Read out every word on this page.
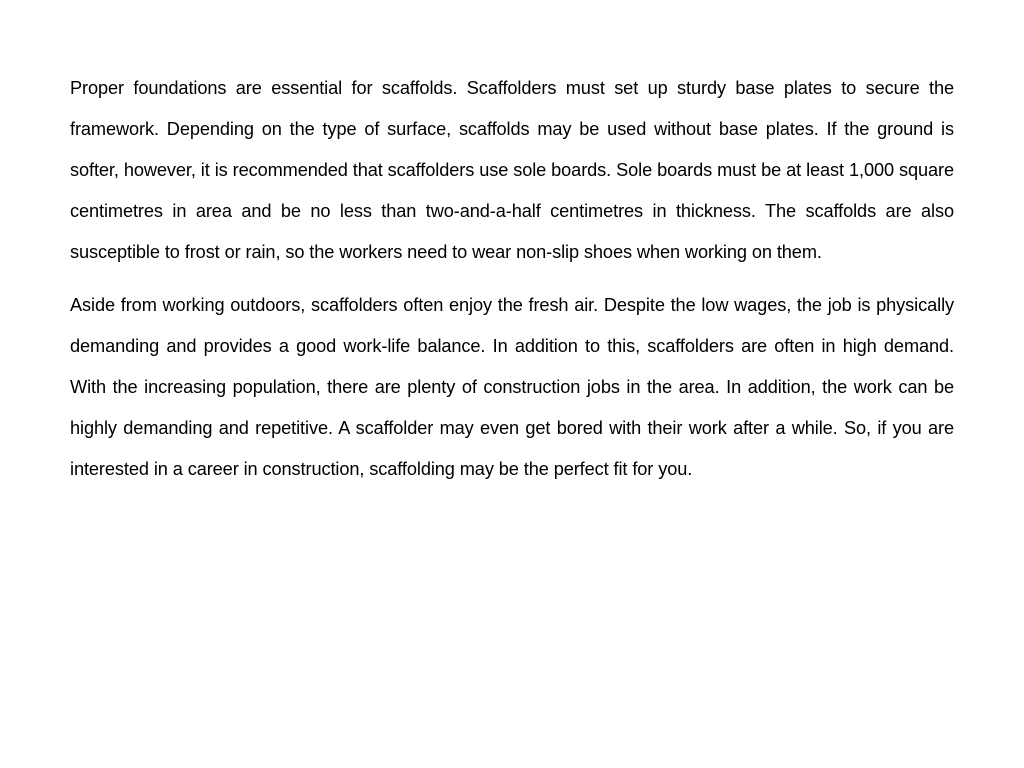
Proper foundations are essential for scaffolds. Scaffolders must set up sturdy base plates to secure the framework. Depending on the type of surface, scaffolds may be used without base plates. If the ground is softer, however, it is recommended that scaffolders use sole boards. Sole boards must be at least 1,000 square centimetres in area and be no less than two-and-a-half centimetres in thickness. The scaffolds are also susceptible to frost or rain, so the workers need to wear non-slip shoes when working on them.

Aside from working outdoors, scaffolders often enjoy the fresh air. Despite the low wages, the job is physically demanding and provides a good work-life balance. In addition to this, scaffolders are often in high demand. With the increasing population, there are plenty of construction jobs in the area. In addition, the work can be highly demanding and repetitive. A scaffolder may even get bored with their work after a while. So, if you are interested in a career in construction, scaffolding may be the perfect fit for you.
